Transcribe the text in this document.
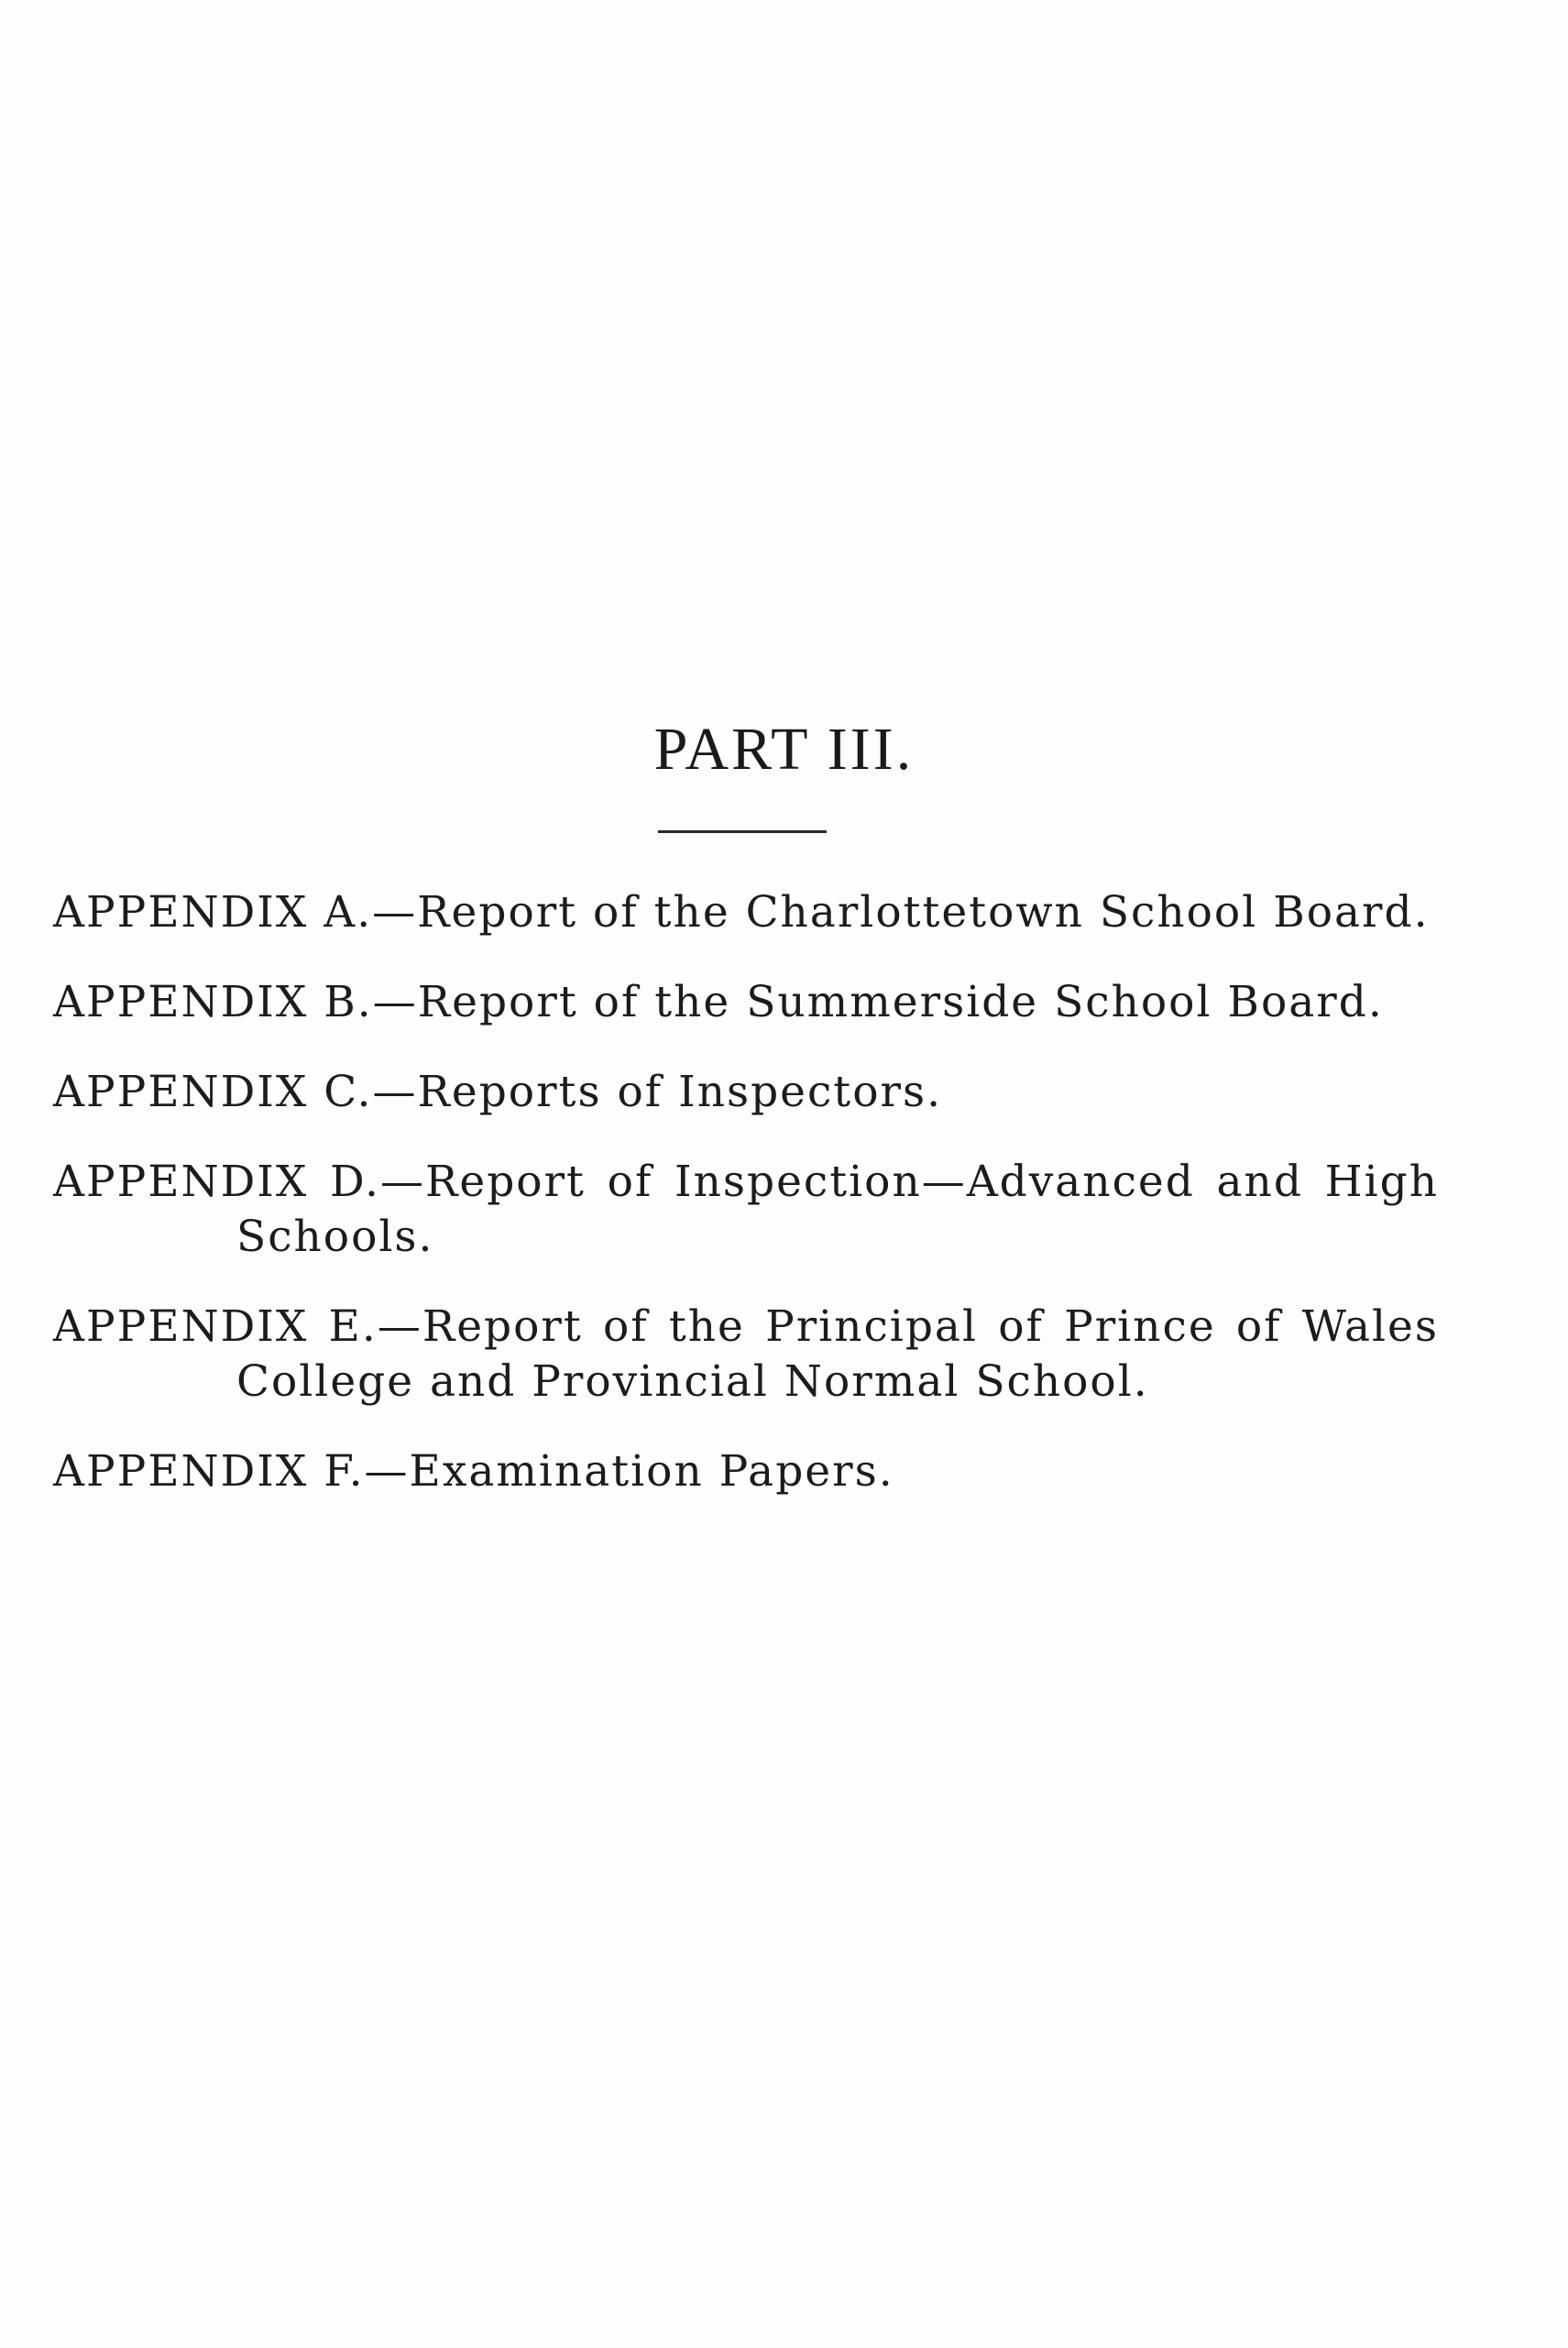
PART III.
APPENDIX A.—Report of the Charlottetown School Board.
APPENDIX B.—Report of the Summerside School Board.
APPENDIX C.—Reports of Inspectors.
APPENDIX D.—Report of Inspection—Advanced and High Schools.
APPENDIX E.—Report of the Principal of Prince of Wales College and Provincial Normal School.
APPENDIX F.—Examination Papers.
